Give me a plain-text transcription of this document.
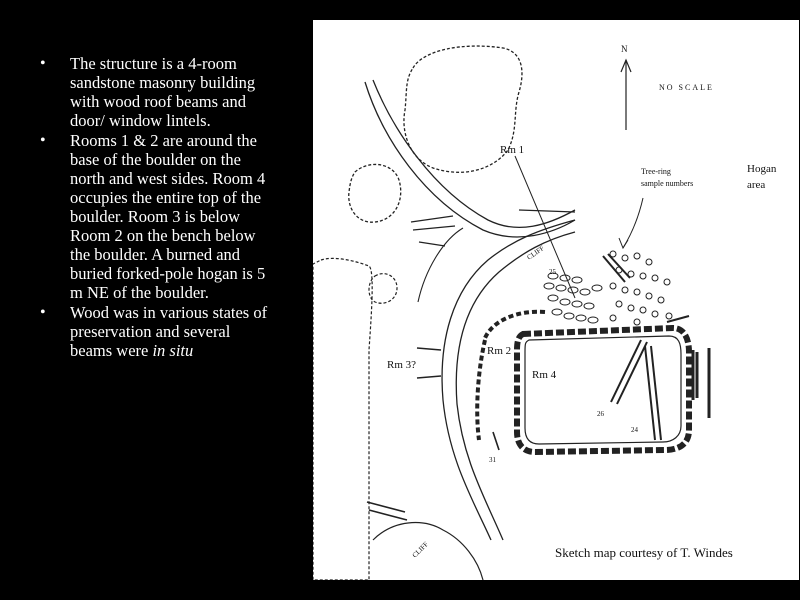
• The structure is a 4-room sandstone masonry building with wood roof beams and door/ window lintels.
• Rooms 1 & 2 are around the base of the boulder on the north and west sides. Room 4 occupies the entire top of the boulder. Room 3 is below Room 2 on the bench below the boulder. A burned and buried forked-pole hogan is 5 m NE of the boulder.
• Wood was in various states of preservation and several beams were in situ
N
NO SCALE
Rm 1
Rm 2
Rm 3?
Rm 4
Tree-ring
sample numbers
Hogan
area
CLIFF
CLIFF
26
24
31
25
Sketch map courtesy of T. Windes
